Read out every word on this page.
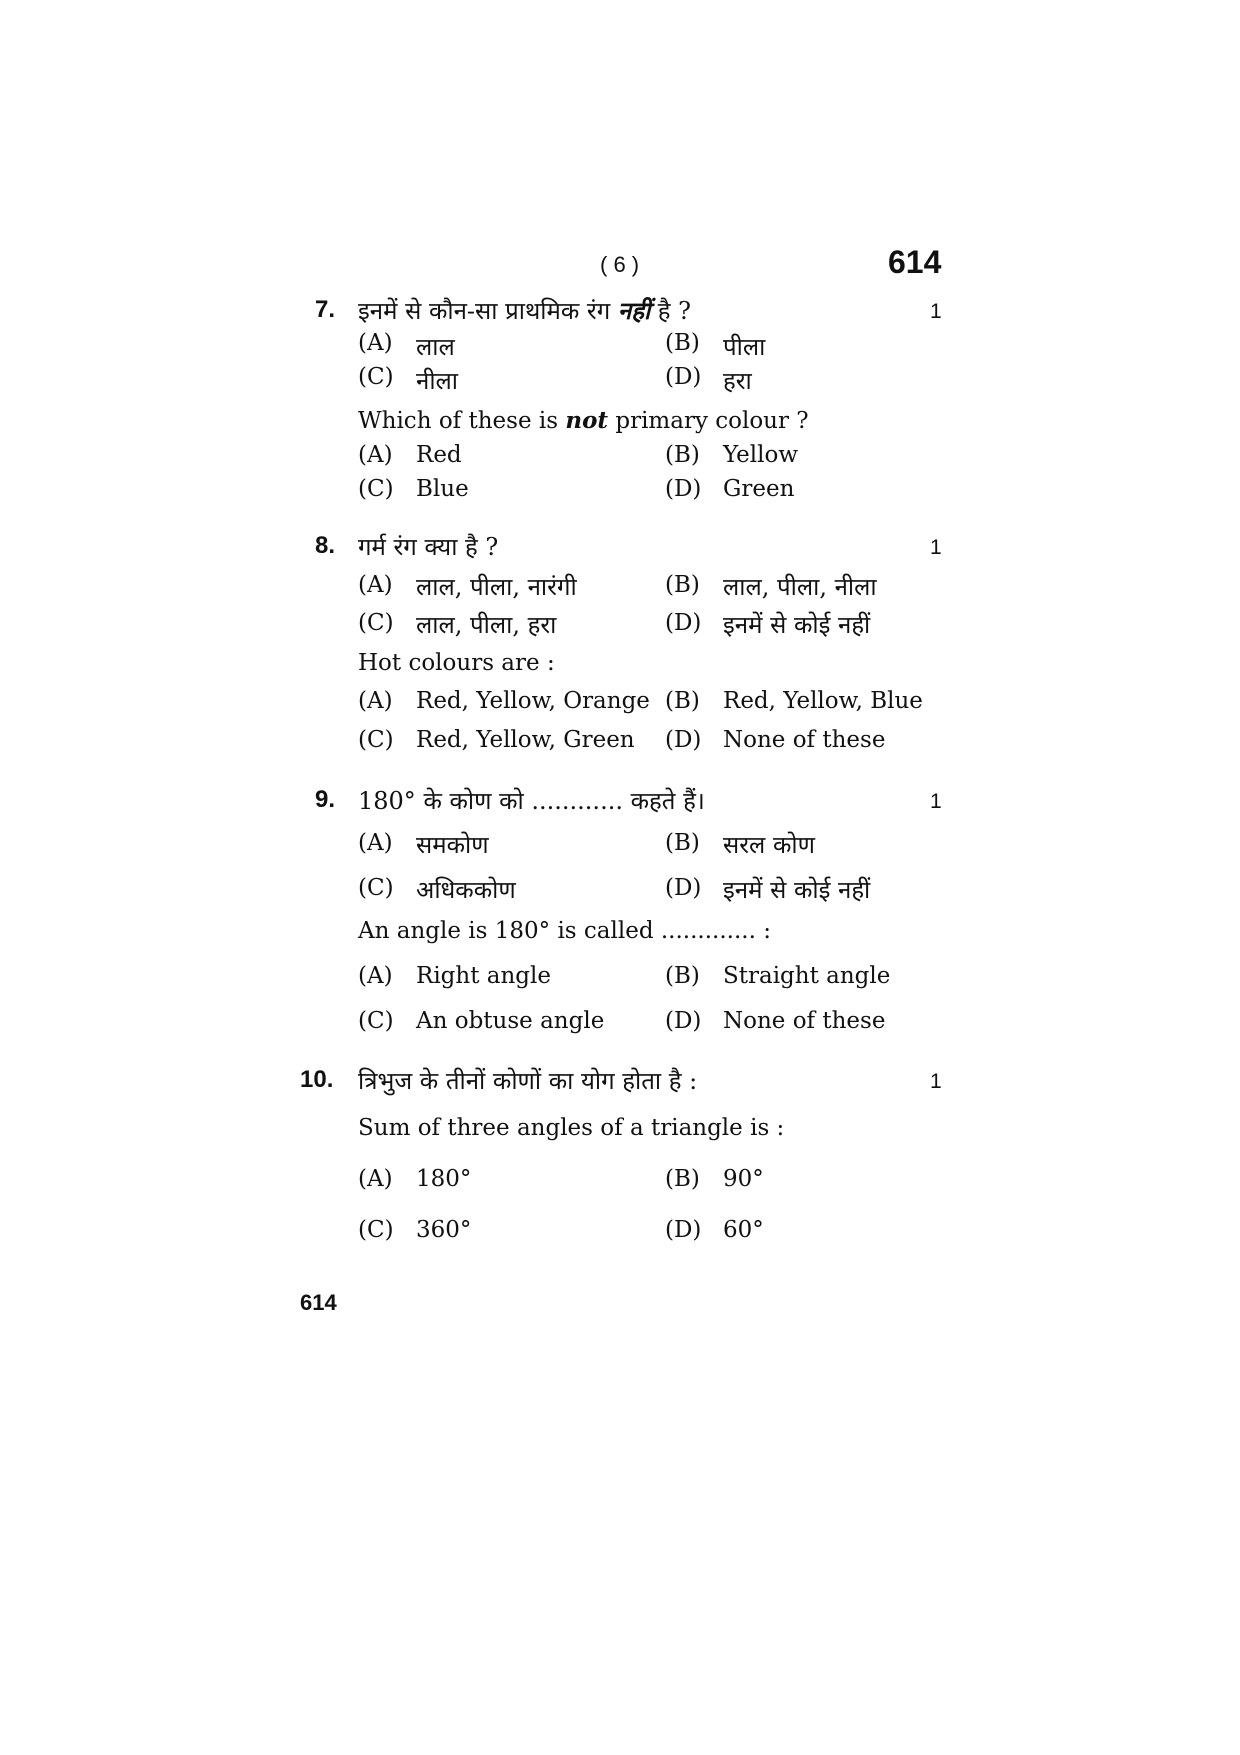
( 6 )	614
7. इनमें से कौन-सा प्राथमिक रंग नहीं है ?	1
(A) लाल	(B) पीला
(C) नीला	(D) हरा
Which of these is not primary colour ?
(A) Red	(B) Yellow
(C) Blue	(D) Green
8. गर्म रंग क्या है ?	1
(A) लाल, पीला, नारंगी	(B) लाल, पीला, नीला
(C) लाल, पीला, हरा	(D) इनमें से कोई नहीं
Hot colours are :
(A) Red, Yellow, Orange (B) Red, Yellow, Blue
(C) Red, Yellow, Green (D) None of these
9. 180° के कोण को ............ कहते हैं।	1
(A) समकोण	(B) सरल कोण
(C) अधिककोण	(D) इनमें से कोई नहीं
An angle is 180° is called ............. :
(A) Right angle	(B) Straight angle
(C) An obtuse angle	(D) None of these
10. त्रिभुज के तीनों कोणों का योग होता है :	1
Sum of three angles of a triangle is :
(A) 180°	(B) 90°
(C) 360°	(D) 60°
614
